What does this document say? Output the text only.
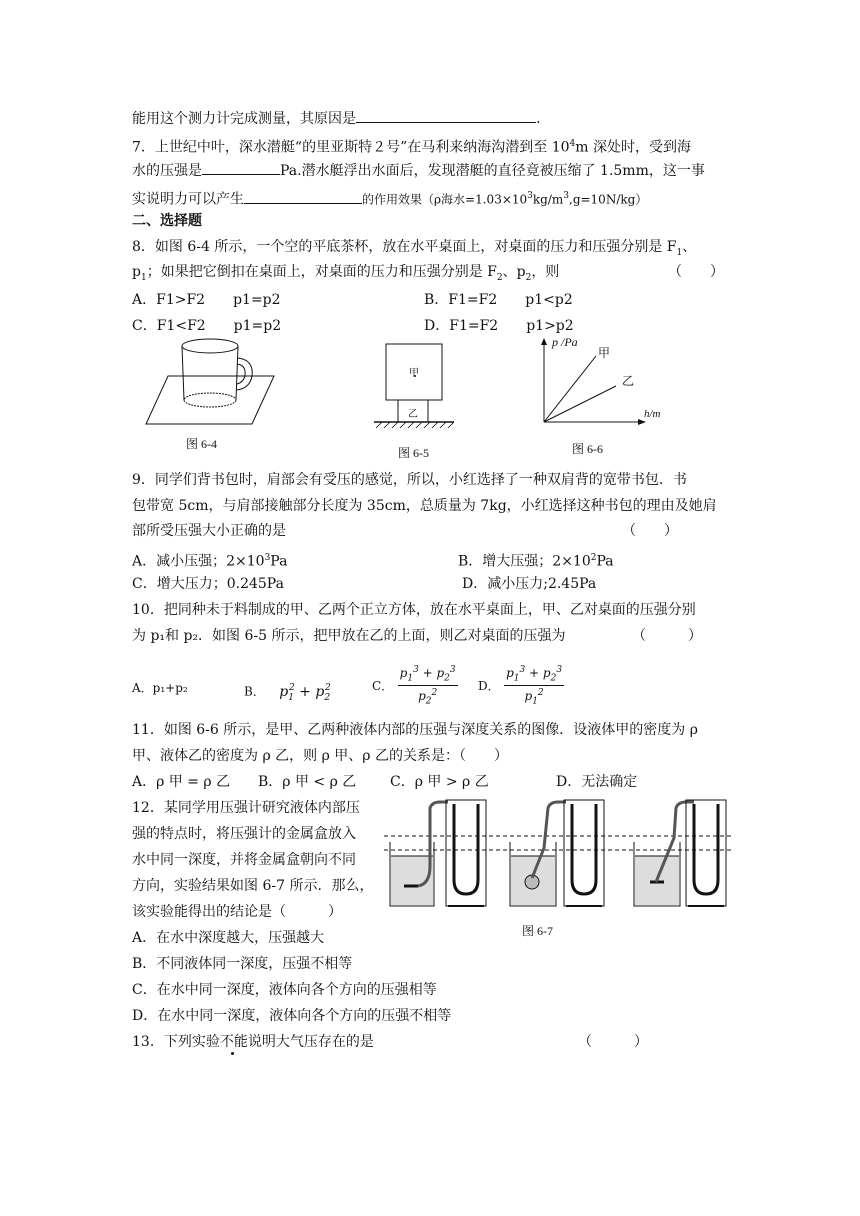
能用这个测力计完成测量，其原因是	.
7．上世纪中叶，深水潜艇“的里亚斯特２号”在马利来纳海沟潜到至 $10^4m$ 深处时，受到海
水的压强是	Pa.潜水艇浮出水面后，发现潜艇的直径竟被压缩了 1.5mm，这一事
实说明力可以产生	的作用效果（ρ海水$=1.03\times 10^3kg/m^3,g=10N/kg$）
二、选择题
8．如图 6-4 所示，一个空的平底茶杯，放在水平桌面上，对桌面的压力和压强分别是 $F_1$、
$p_1$；如果把它倒扣在桌面上，对桌面的压力和压强分别是 $F_2$、$p_2$，则	（　　）
A．F1>F2　　p1=p2	B．F1=F2　　p1<p2
C．F1<F2　　p1=p2	D．F1=F2　　p1>p2
图 6-4
甲
乙
图 6-5
p /Pa
h/m
甲
乙
图 6-6
9．同学们背书包时，肩部会有受压的感觉，所以，小红选择了一种双肩背的宽带书包．书
包带宽 5cm，与肩部接触部分长度为 35cm，总质量为 7kg，小红选择这种书包的理由及她肩
部所受压强大小正确的是	（　　）
A．减小压强；$2\times 10^3Pa$	B．增大压强；$2\times 10^2Pa$
C．增大压力；0.245Pa	D．减小压力;2.45Pa
10．把同种未于料制成的甲、乙两个正立方体，放在水平桌面上，甲、乙对桌面的压强分别
为 p₁和 p₂．如图 6-5 所示，把甲放在乙的上面，则乙对桌面的压强为	（　　　）
A．p₁+p₂	B． $p_1^2 + p_2^2$	C． $\frac{p_1^3 + p_2^3}{p_2^2}$ D． $\frac{p_1^3 + p_2^3}{p_1^2}$
11．如图 6-6 所示，是甲、乙两种液体内部的压强与深度关系的图像．设液体甲的密度为 ρ
甲、液体乙的密度为 ρ 乙，则 ρ 甲、ρ 乙的关系是：（　　）
A．ρ 甲 = ρ 乙 B．ρ 甲 < ρ 乙 C．ρ 甲 > ρ 乙	D．无法确定
12．某同学用压强计研究液体内部压
强的特点时，将压强计的金属盒放入
水中同一深度，并将金属盒朝向不同
方向，实验结果如图 6-7 所示．那么，
该实验能得出的结论是（　　　）
图 6-7
A．在水中深度越大，压强越大
B．不同液体同一深度，压强不相等
C．在水中同一深度，液体向各个方向的压强相等
D．在水中同一深度，液体向各个方向的压强不相等
13．下列实验不能说明大气压存在的是	（　　　）
